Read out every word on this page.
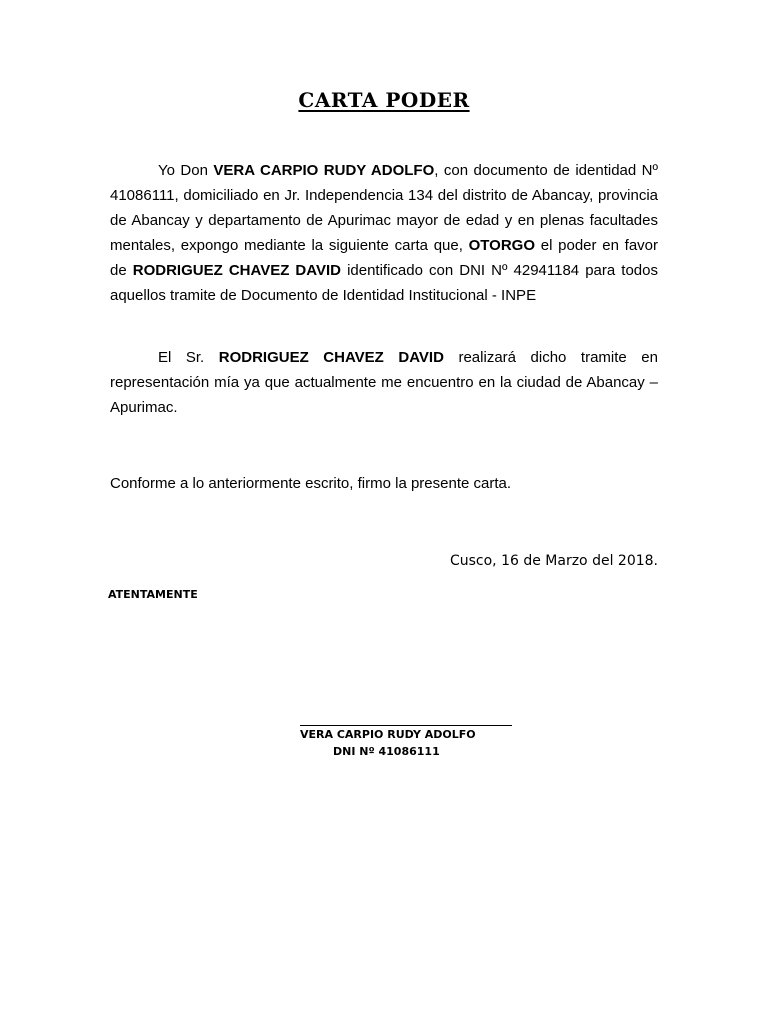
CARTA PODER

Yo Don VERA CARPIO RUDY ADOLFO, con documento de identidad Nº 41086111, domiciliado en Jr. Independencia 134 del distrito de Abancay, provincia de Abancay y departamento de Apurimac mayor de edad y en plenas facultades mentales, expongo mediante la siguiente carta que, OTORGO el poder en favor de RODRIGUEZ CHAVEZ DAVID identificado con DNI Nº 42941184 para todos aquellos tramite de Documento de Identidad Institucional - INPE

El Sr. RODRIGUEZ CHAVEZ DAVID realizará dicho tramite en representación mía ya que actualmente me encuentro en la ciudad de Abancay – Apurimac.

Conforme a lo anteriormente escrito, firmo la presente carta.

Cusco, 16 de Marzo del 2018.
ATENTAMENTE
VERA CARPIO RUDY ADOLFO
DNI Nº 41086111
